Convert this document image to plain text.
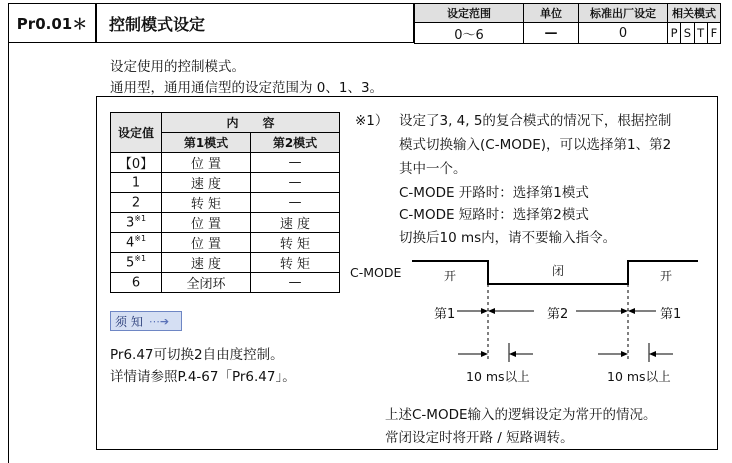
Pr0.01＊	控制模式设定
设定范围	单位	标准出厂设定	相关模式
0～6	—	0	P S T F
设定使用的控制模式。
通用型，通用通信型的设定范围为 0、1、3。
设定值	内　　容	
	第1模式	第2模式
【0】	位 置	—
1	速 度	—
2	转 矩	—
3$^{※1}$	位 置	速 度
4$^{※1}$	位 置	转 矩
5$^{※1}$	速 度	转 矩
6	全闭环	—
须 知 ⋯➔
Pr6.47可切换2自由度控制。
详情请参照P.4-67「Pr6.47」。
※1） 设定了3, 4, 5的复合模式的情况下，根据控制
模式切换输入(C-MODE)，可以选择第1、第2
其中一个。
C-MODE 开路时：选择第1模式
C-MODE 短路时：选择第2模式
切换后10 ms内，请不要输入指令。
C-MODE	开	闭	开
第1	第2	第1
10 ms以上	10 ms以上
上述C-MODE输入的逻辑设定为常开的情况。
常闭设定时将开路 / 短路调转。
